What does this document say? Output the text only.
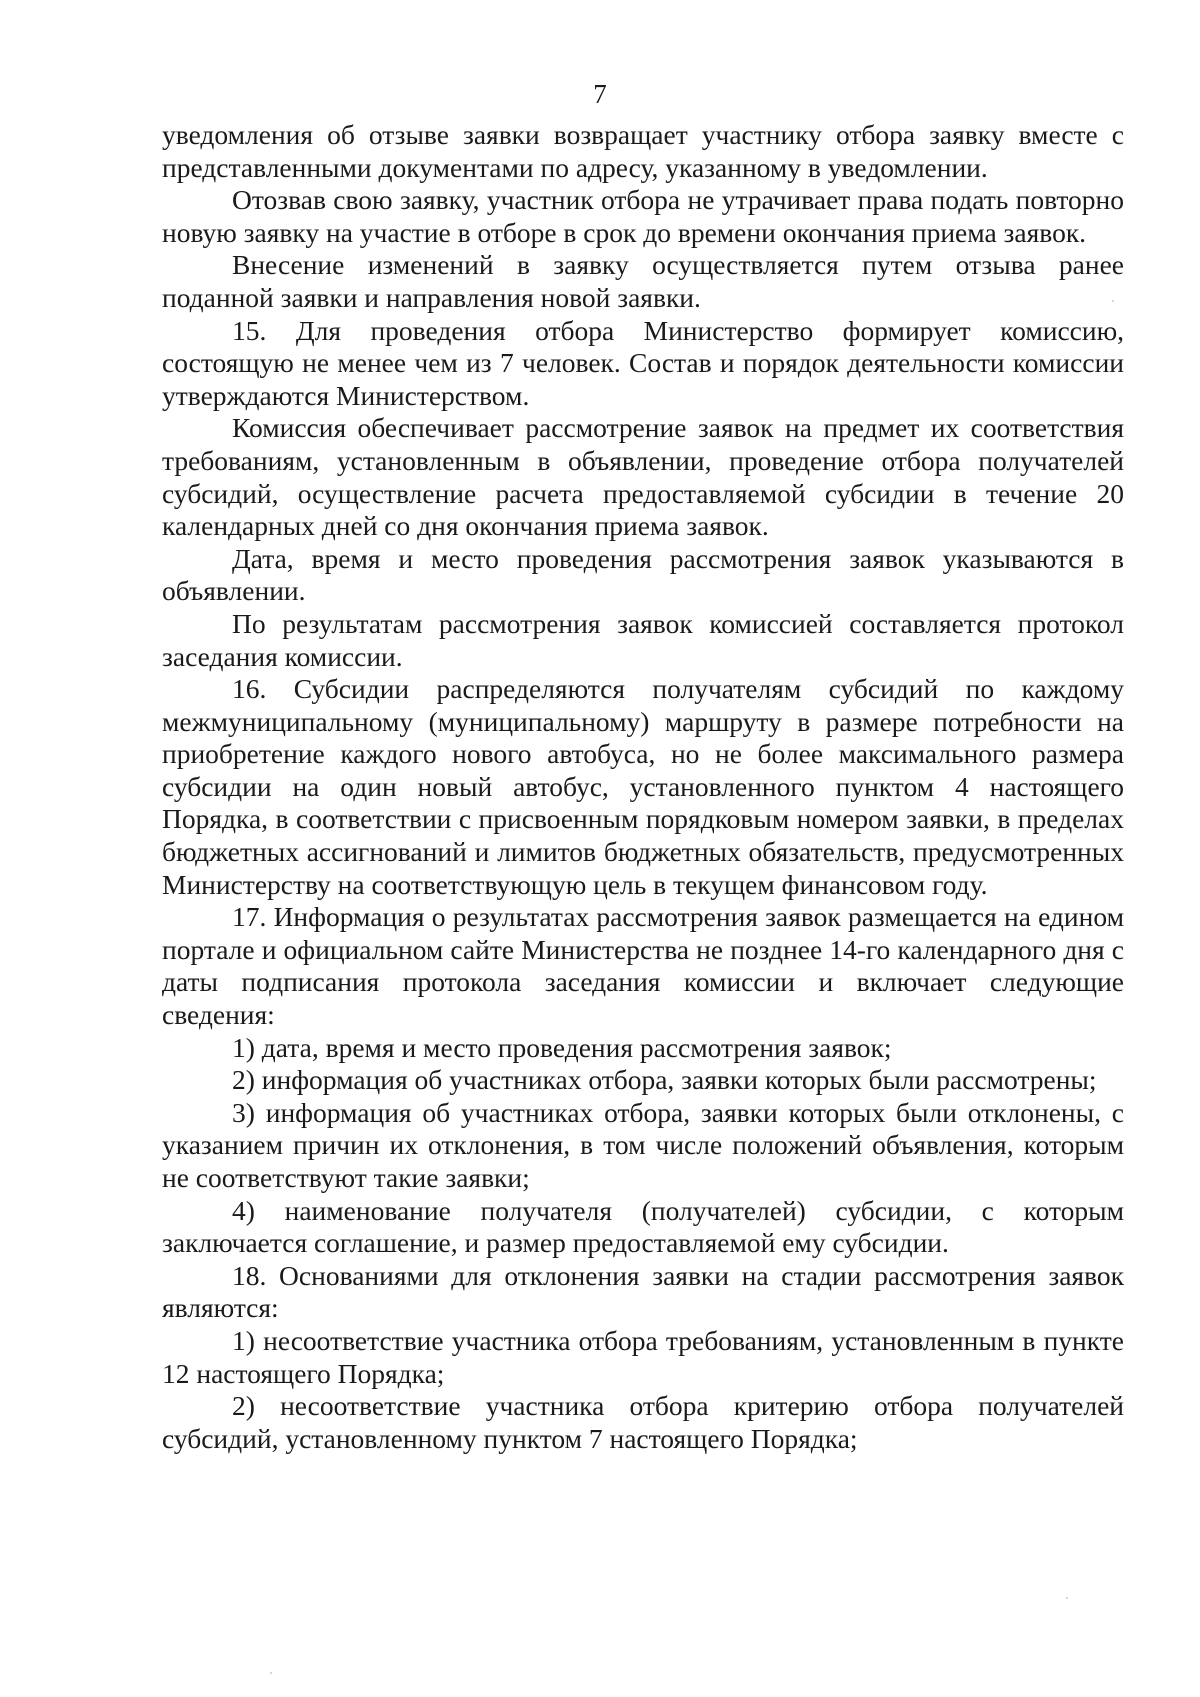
7

уведомления об отзыве заявки возвращает участнику отбора заявку вместе с представленными документами по адресу, указанному в уведомлении.

Отозвав свою заявку, участник отбора не утрачивает права подать повторно новую заявку на участие в отборе в срок до времени окончания приема заявок.

Внесение изменений в заявку осуществляется путем отзыва ранее поданной заявки и направления новой заявки.

15. Для проведения отбора Министерство формирует комиссию, состоящую не менее чем из 7 человек. Состав и порядок деятельности комиссии утверждаются Министерством.

Комиссия обеспечивает рассмотрение заявок на предмет их соответствия требованиям, установленным в объявлении, проведение отбора получателей субсидий, осуществление расчета предоставляемой субсидии в течение 20 календарных дней со дня окончания приема заявок.

Дата, время и место проведения рассмотрения заявок указываются в объявлении.

По результатам рассмотрения заявок комиссией составляется протокол заседания комиссии.

16. Субсидии распределяются получателям субсидий по каждому межмуниципальному (муниципальному) маршруту в размере потребности на приобретение каждого нового автобуса, но не более максимального размера субсидии на один новый автобус, установленного пунктом 4 настоящего Порядка, в соответствии с присвоенным порядковым номером заявки, в пределах бюджетных ассигнований и лимитов бюджетных обязательств, предусмотренных Министерству на соответствующую цель в текущем финансовом году.

17. Информация о результатах рассмотрения заявок размещается на едином портале и официальном сайте Министерства не позднее 14-го календарного дня с даты подписания протокола заседания комиссии и включает следующие сведения:

1) дата, время и место проведения рассмотрения заявок;

2) информация об участниках отбора, заявки которых были рассмотрены;

3) информация об участниках отбора, заявки которых были отклонены, с указанием причин их отклонения, в том числе положений объявления, которым не соответствуют такие заявки;

4) наименование получателя (получателей) субсидии, с которым заключается соглашение, и размер предоставляемой ему субсидии.

18. Основаниями для отклонения заявки на стадии рассмотрения заявок являются:

1) несоответствие участника отбора требованиям, установленным в пункте 12 настоящего Порядка;

2) несоответствие участника отбора критерию отбора получателей субсидий, установленному пунктом 7 настоящего Порядка;
